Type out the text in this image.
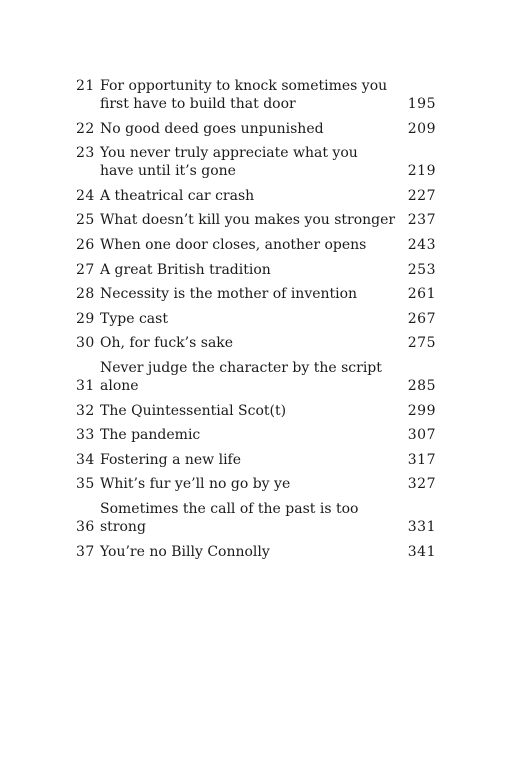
21 For opportunity to knock sometimes you
first have to build that door	195
22 No good deed goes unpunished	209
23 You never truly appreciate what you
have until it’s gone	219
24 A theatrical car crash	227
25 What doesn’t kill you makes you stronger 237
26 When one door closes, another opens	243
27 A great British tradition	253
28 Necessity is the mother of invention	261
29 Type cast	267
30 Oh, for fuck’s sake	275
31
Never judge the character by the script alone	285
32 The Quintessential Scot(t)	299
33 The pandemic	307
34 Fostering a new life	317
35 Whit’s fur ye’ll no go by ye	327
36
Sometimes the call of the past is too strong	331
37 You’re no Billy Connolly	341
